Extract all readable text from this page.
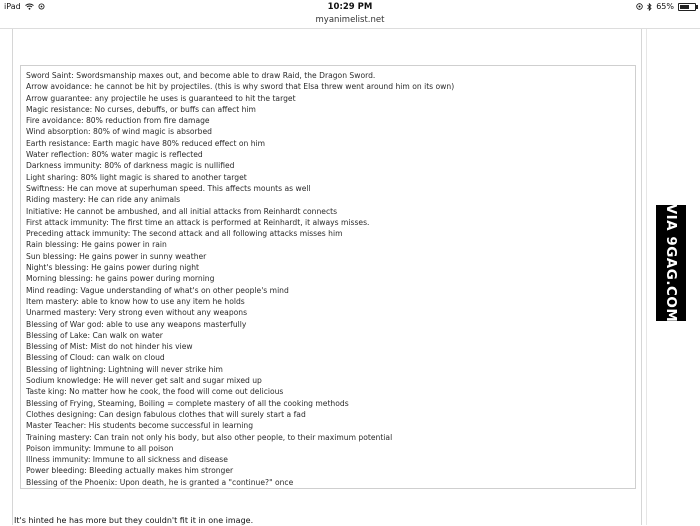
iPad	10:29 PM	65%
myanimelist.net
Sword Saint: Swordsmanship maxes out, and become able to draw Raid, the Dragon Sword.
Arrow avoidance: he cannot be hit by projectiles. (this is why sword that Elsa threw went around him on its own)
Arrow guarantee: any projectile he uses is guaranteed to hit the target
Magic resistance: No curses, debuffs, or buffs can affect him
Fire avoidance: 80% reduction from fire damage
Wind absorption: 80% of wind magic is absorbed
Earth resistance: Earth magic have 80% reduced effect on him
Water reflection: 80% water magic is reflected
Darkness immunity: 80% of darkness magic is nullified
Light sharing: 80% light magic is shared to another target
Swiftness: He can move at superhuman speed. This affects mounts as well
Riding mastery: He can ride any animals
Initiative: He cannot be ambushed, and all initial attacks from Reinhardt connects
First attack immunity: The first time an attack is performed at Reinhardt, it always misses.
Preceding attack immunity: The second attack and all following attacks misses him
Rain blessing: He gains power in rain
Sun blessing: He gains power in sunny weather
Night's blessing: He gains power during night
Morning blessing: he gains power during morning
Mind reading: Vague understanding of what's on other people's mind
Item mastery: able to know how to use any item he holds
Unarmed mastery: Very strong even without any weapons
Blessing of War god: able to use any weapons masterfully
Blessing of Lake: Can walk on water
Blessing of Mist: Mist do not hinder his view
Blessing of Cloud: can walk on cloud
Blessing of lightning: Lightning will never strike him
Sodium knowledge: He will never get salt and sugar mixed up
Taste king: No matter how he cook, the food will come out delicious
Blessing of Frying, Steaming, Boiling = complete mastery of all the cooking methods
Clothes designing: Can design fabulous clothes that will surely start a fad
Master Teacher: His students become successful in learning
Training mastery: Can train not only his body, but also other people, to their maximum potential
Poison immunity: Immune to all poison
Illness immunity: Immune to all sickness and disease
Power bleeding: Bleeding actually makes him stronger
Blessing of the Phoenix: Upon death, he is granted a "continue?" once
It's hinted he has more but they couldn't fit it in one image.
VIA 9GAG.COM
